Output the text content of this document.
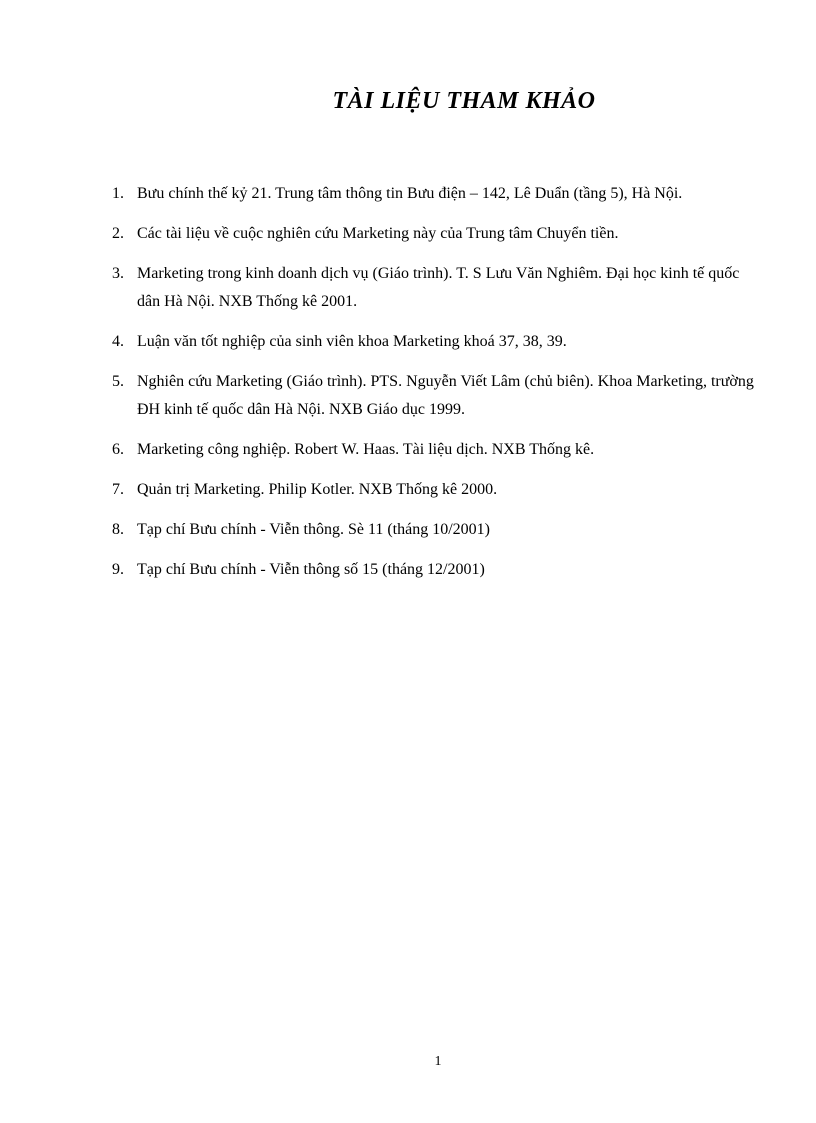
TÀI LIỆU THAM KHẢO
1. Bưu chính thế kỷ 21. Trung tâm thông tin Bưu điện – 142, Lê Duẩn (tầng 5), Hà Nội.
2. Các tài liệu về cuộc nghiên cứu Marketing này của Trung tâm Chuyển tiền.
3. Marketing trong kinh doanh dịch vụ (Giáo trình). T. S Lưu Văn Nghiêm. Đại học kinh tế quốc dân Hà Nội. NXB Thống kê 2001.
4. Luận văn tốt nghiệp của sinh viên khoa Marketing khoá 37, 38, 39.
5. Nghiên cứu Marketing (Giáo trình). PTS. Nguyễn Viết Lâm (chủ biên). Khoa Marketing, trường ĐH kinh tế quốc dân Hà Nội. NXB Giáo dục 1999.
6. Marketing công nghiệp. Robert W. Haas. Tài liệu dịch. NXB Thống kê.
7. Quản trị Marketing. Philip Kotler. NXB Thống kê 2000.
8. Tạp chí Bưu chính - Viễn thông. Sè 11 (tháng 10/2001)
9. Tạp chí Bưu chính - Viễn thông số 15 (tháng 12/2001)
1
